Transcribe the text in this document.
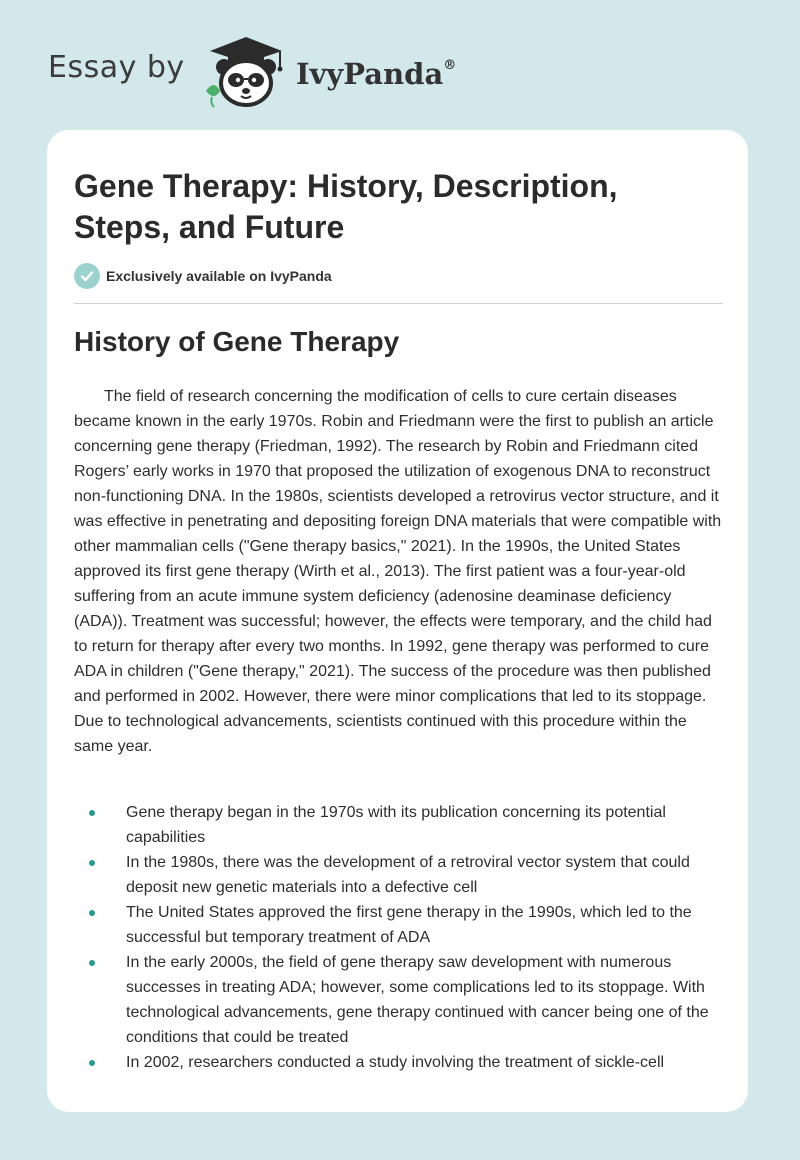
Essay by	IvyPanda®
Gene Therapy: History, Description, Steps, and Future
Exclusively available on IvyPanda
History of Gene Therapy

The field of research concerning the modification of cells to cure certain diseases became known in the early 1970s. Robin and Friedmann were the first to publish an article concerning gene therapy (Friedman, 1992). The research by Robin and Friedmann cited Rogers’ early works in 1970 that proposed the utilization of exogenous DNA to reconstruct non-functioning DNA. In the 1980s, scientists developed a retrovirus vector structure, and it was effective in penetrating and depositing foreign DNA materials that were compatible with other mammalian cells ("Gene therapy basics," 2021). In the 1990s, the United States approved its first gene therapy (Wirth et al., 2013). The first patient was a four-year-old suffering from an acute immune system deficiency (adenosine deaminase deficiency (ADA)). Treatment was successful; however, the effects were temporary, and the child had to return for therapy after every two months. In 1992, gene therapy was performed to cure ADA in children ("Gene therapy," 2021). The success of the procedure was then published and performed in 2002. However, there were minor complications that led to its stoppage. Due to technological advancements, scientists continued with this procedure within the same year.

Gene therapy began in the 1970s with its publication concerning its potential capabilities
In the 1980s, there was the development of a retroviral vector system that could deposit new genetic materials into a defective cell
The United States approved the first gene therapy in the 1990s, which led to the successful but temporary treatment of ADA
In the early 2000s, the field of gene therapy saw development with numerous successes in treating ADA; however, some complications led to its stoppage. With technological advancements, gene therapy continued with cancer being one of the conditions that could be treated
In 2002, researchers conducted a study involving the treatment of sickle-cell
